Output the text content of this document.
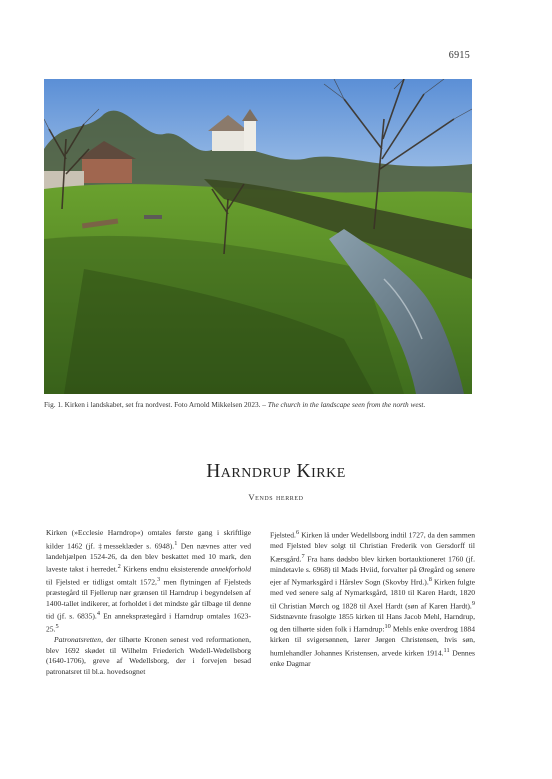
6915
Fig. 1. Kirken i landskabet, set fra nordvest. Foto Arnold Mikkelsen 2023. – The church in the landscape seen from the north west.
Harndrup Kirke
Vends herred

Kirken (»Ecclesie Harndrop«) omtales første gang i skriftlige kilder 1462 (jf. ‡messeklæder s. 6948).$^1$ Den nævnes atter ved landehjælpen 1524-26, da den blev beskattet med 10 mark, den laveste takst i herredet.$^2$ Kirkens endnu eksisterende annekforhold til Fjelsted er tidligst omtalt 1572,$^3$ men flytningen af Fjelsteds præstegård til Fjellerup nær grænsen til Harndrup i begyndelsen af 1400-tallet indikerer, at forholdet i det mindste går tilbage til denne tid (jf. s. 6835).$^4$ En anneksprætegård i Harndrup omtales 1623-25.$^5$

Patronatsretten, der tilhørte Kronen senest ved reformationen, blev 1692 skødet til Wilhelm Friederich Wedell-Wedellsborg (1640-1706), greve af Wedellsborg, der i forvejen besad patronatsret til bl.a. hovedsognet

Fjelsted.$^6$ Kirken lå under Wedellsborg indtil 1727, da den sammen med Fjelsted blev solgt til Christian Frederik von Gersdorff til Kærsgård.$^7$ Fra hans dødsbo blev kirken bortauktioneret 1760 (jf. mindetavle s. 6968) til Mads Hviid, forvalter på Øregård og senere ejer af Nymarksgård i Hårslev Sogn (Skovby Hrd.).$^8$ Kirken fulgte med ved senere salg af Nymarksgård, 1810 til Karen Hardt, 1820 til Christian Mørch og 1828 til Axel Hardt (søn af Karen Hardt).$^9$ Sidstnævnte frasolgte 1855 kirken til Hans Jacob Mehl, Harndrup, og den tilhørte siden folk i Harndrup:$^{10}$ Mehls enke overdrog 1884 kirken til svigersønnen, lærer Jørgen Christensen, hvis søn, humlehandler Johannes Kristensen, arvede kirken 1914.11 Dennes enke Dagmar
